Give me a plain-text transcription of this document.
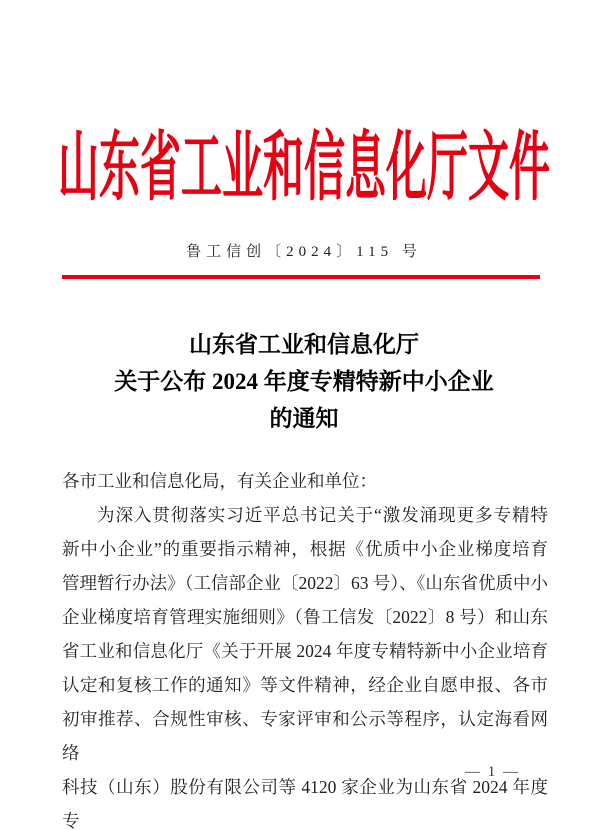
山东省工业和信息化厅文件
鲁工信创〔2024〕115 号
山东省工业和信息化厅
关于公布 2024 年度专精特新中小企业
的通知
各市工业和信息化局，有关企业和单位：
为深入贯彻落实习近平总书记关于“激发涌现更多专精特
新中小企业”的重要指示精神，根据《优质中小企业梯度培育
管理暂行办法》（工信部企业〔2022〕63 号）、《山东省优质中小
企业梯度培育管理实施细则》（鲁工信发〔2022〕8 号）和山东
省工业和信息化厅《关于开展 2024 年度专精特新中小企业培育
认定和复核工作的通知》等文件精神，经企业自愿申报、各市
初审推荐、合规性审核、专家评审和公示等程序，认定海看网络
科技（山东）股份有限公司等 4120 家企业为山东省 2024 年度专
— 1 —
